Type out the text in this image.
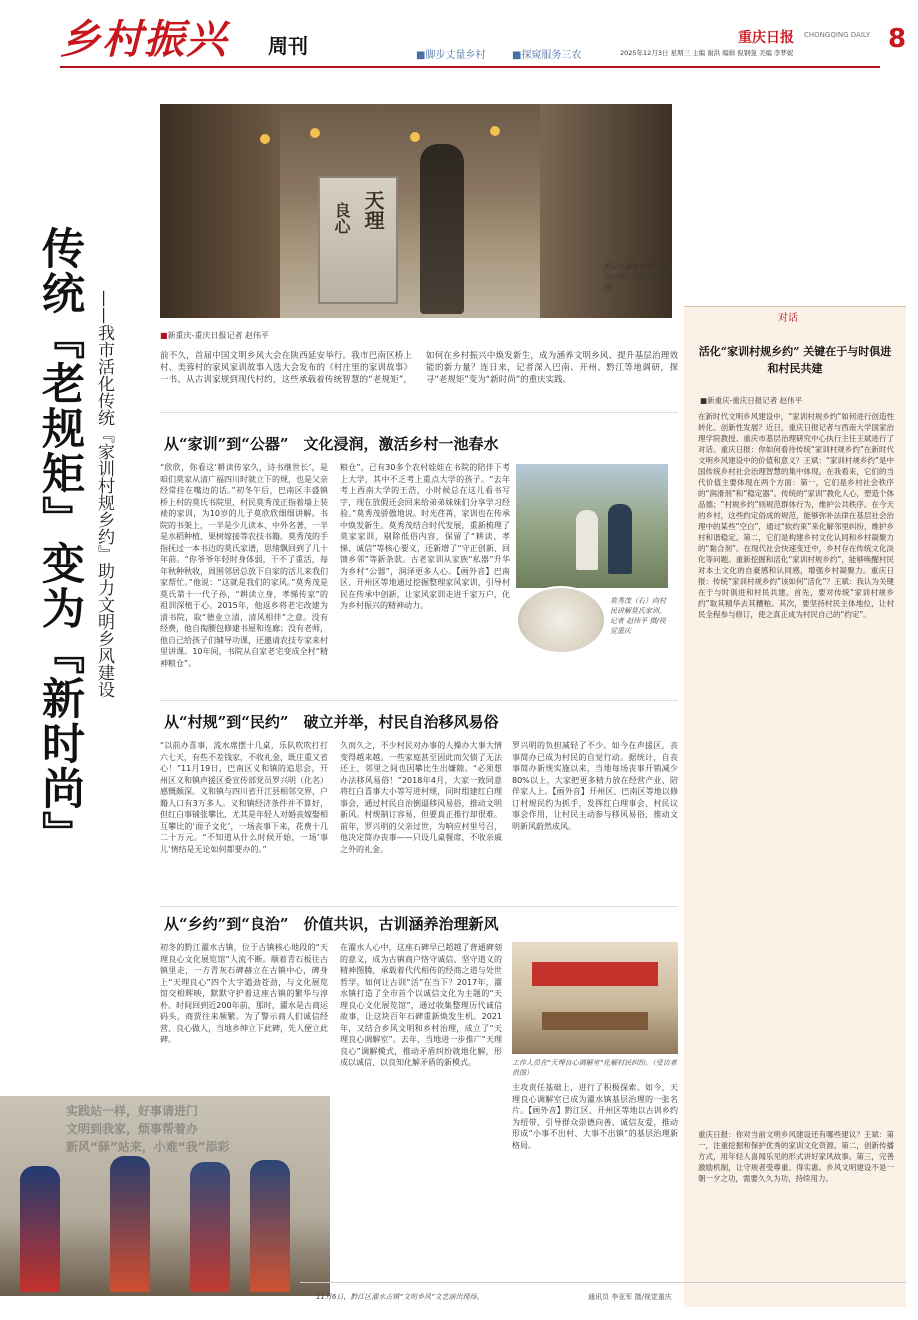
乡村振兴 周刊	■脚步丈量乡村	■探窥服务三农
重庆日报 CHONGQING DAILY
2025年12月3日 星期三 主编 谢洪 编辑 倪钢强 美编 李梦妮	8
传统『老规矩』变为『新时尚』 ——我市活化传统『家训村规乡约』助力文明乡风建设
天理
良心
黔江区濯水古镇天理良心碑。（受访者供图）
■新重庆-重庆日报记者 赵伟平
前不久，首届中国文明乡风大会在陕西延安举行。我市巴南区桥上村、美蓉村的家风家训故事入选大会发布的《村庄里的家训故事》一书。从古训家规到现代村约，这些承载着传统智慧的“老规矩”，如何在乡村振兴中焕发新生，成为涵养文明乡风、提升基层治理效能的新力量？连日来，记者深入巴南、开州、黔江等地调研，探寻“老规矩”变为“新时尚”的重庆实践。
从“家训”到“公器”　文化浸润，激活乡村一池春水
“欣欣，你看这‘耕读传家久，诗书继世长’，是咱们莫家从清广福四川时就立下的规，也是父亲经常挂在嘴边的话。”初冬午后，巴南区丰盛镇桥上村的莫氏书院里，村民莫秀茂正指着墙上装裱的家训，为10岁的儿子莫欣欣细细讲解。书院的书架上，一半是少儿读本、中外名著，一半是水稻种植、果树嫁接等农技书籍。莫秀茂的手指抚过一本书边的莫氏家谱，思绪飘回到了几十年前。“你爷爷年轻时身体弱，干不了重活，每年秋种秋收，周围邻居总放下自家的活儿来我们家帮忙。”他说：“这就是我们的家风。”莫秀茂是莫氏第十一代子孙，“耕读立身，孝悌传家”的祖训深植于心。2015年，他返乡将老宅改建为清书院，取“德业立清，清风相伴”之意。没有经费，他自掏腰包修建书屋和连廊；没有老师，他自己给孩子们辅导功课，还邀请农技专家来村里讲课。10年间，书院从自家老宅变成全村“精神粮仓”。
粮仓”，已有30多个农村娃娃在书院的陪伴下考上大学，其中不乏考上重点大学的孩子。“去年考上西南大学的王浩，小时候总在这儿看书写字，现在放假还会回来给弟弟妹妹们分享学习经验。”莫秀茂骄傲地说。时光荏苒，家训也在传承中焕发新生。莫秀茂结合时代发展，重新梳理了莫家家训，剔除低俗内容，保留了“耕读、孝悌、诚信”等核心要义，还新增了“守正创新、回馈乡邻”等新条款。古老家训从家族“私器”升华为乡村“公器”，润泽更多人心。【画外音】巴南区、开州区等地通过挖掘整理家风家训，引导村民在传承中创新，让家风家训走进千家万户，化为乡村振兴的精神动力。	莫秀茂（右）向村民讲解莫氏家训。记者 赵伟平 摄/视觉重庆
从“村规”到“民约”　破立并举，村民自治移风易俗
“以前办喜事，流水席摆十几桌，乐队吹吹打打六七天，有些不差钱家，不收礼金，既庄重又省心！”11月19日，巴南区义和镇的追思会，开州区义和镇声援区委宣传部党员罗兴明（化名）感慨颇深。义和镇与四川省开江县相邻交界，户籍人口有3万多人。义和镇经济条件并不算好，但红白事铺张攀比，尤其是年轻人对婚丧嫁娶相互攀比的‘面子文化’，一场丧事下来，花费十几二十万元。“不知道从什么时候开始，一场‘事儿’情结是无论如何都要办的。”
久而久之，不少村民对办事的人操办大事大情变得越来越。一些家庭甚至因此而欠债了无法还上，邻里之间也因攀比生出嫌隙。“必须想办法移风易俗！”2018年4月，大家一致同意将红白喜事大小等写进村规，同时组建红白理事会，通过村民自治倒逼移风易俗，推动文明新风。村规制订容易，但要真正推行却很难。前年，罗兴明的父亲过世，为响应村里号召，他决定简办丧事——只设几桌餐席，不收亲戚之外的礼金。
罗兴明的负担减轻了不少。如今在声援区，丧事简办已成为村民的自觉行动。据统计，自丧事简办新规实施以来，当地每场丧事开销减少80%以上，大家把更多精力放在经营产业、陪伴家人上。【画外音】开州区、巴南区等地以修订村规民约为抓手，发挥红白理事会、村民议事会作用，让村民主动参与移风易俗，推动文明新风蔚然成风。
从“乡约”到“良治”　价值共识，古训涵养治理新风
初冬的黔江濯水古镇，位于古镇核心地段的“天理良心文化展览馆”人流不断。顺着青石板往古镇里走，一方青灰石碑赫立在古镇中心，碑身上“天理良心”四个大字遒劲苍劲，与文化展览馆交相辉映，默默守护着这座古镇的繁华与淳朴。时间回到近200年前，那时，濯水是古商运码头，商贾往来频繁。为了警示商人们诚信经营、良心做人，当地乡绅立下此碑，先人便立此碑。
在濯水人心中，这座石碑早已超越了普通碑刻的意义，成为古镇商户恪守诚信、坚守道义的精神图腾，承载着代代相传的经商之道与处世哲学。如何让古训“活”在当下？2017年，濯水镇打造了全市首个以诚信文化为主题的“天理良心文化展览馆”，通过收集整理历代诚信故事，让这块百年石碑重新焕发生机。2021年，又结合乡风文明和乡村治理，成立了“天理良心调解室”。去年，当地进一步推广“天理良心”调解模式，推动矛盾纠纷就地化解，形成以诚信、以良知化解矛盾的新模式。	工作人员在“天理良心调解室”化解村民纠纷。（受访者供图）
主攻责任基础上，进行了积极探索。如今，天理良心调解室已成为濯水镇基层治理的一张名片。【画外音】黔江区、开州区等地以古训乡约为纽带，引导群众崇德向善、诚信友爱，推动形成“小事不出村、大事不出镇”的基层治理新格局。
实践站一样，好事请进门
文明到我家，烦事帮着办
新风“驿”站来，小难“我”添彩
对话
活化“家训村规乡约” 关键在于与时俱进和村民共建
■新重庆-重庆日报记者 赵伟平
在新时代文明乡风建设中，“家训村规乡约”如何进行创造性转化、创新性发展？近日，重庆日报记者与西南大学国家治理学院教授、重庆市基层治理研究中心执行主任王斌进行了对话。重庆日报：你如何看待传统“家训村规乡约”在新时代文明乡风建设中的价值和意义？王斌：“家训村规乡约”是中国传统乡村社会治理智慧的集中体现。在我看来，它们的当代价值主要体现在两个方面：第一，它们是乡村社会秩序的“润滑剂”和“稳定器”。传统的“家训”教化人心，塑造个体品德；“村规乡约”则规范群体行为，维护公共秩序。在今天的乡村，这些约定俗成的规范，能够弥补法律在基层社会治理中的某些“空白”，通过“软约束”来化解邻里纠纷，维护乡村和谐稳定。第二，它们是构建乡村文化认同和乡村凝聚力的“黏合剂”。在现代社会快速变迁中，乡村存在传统文化淡化等问题。重新挖掘和活化“家训村规乡约”，能够唤醒村民对本土文化的自豪感和认同感，增强乡村凝聚力。重庆日报：传统“家训村规乡约”该如何“活化”？王斌：我认为关键在于与时俱进和村民共建。首先，要对传统“家训村规乡约”取其精华去其糟粕。其次，要坚持村民主体地位，让村民全程参与修订，使之真正成为村民自己的“约定”。
重庆日报：你对当前文明乡风建设还有哪些建议？王斌：第一，注重挖掘和保护优秀的家训文化资源。第二，创新传播方式，用年轻人喜闻乐见的形式讲好家风故事。第三，完善激励机制，让守规者受尊重、得实惠。乡风文明建设不是一朝一夕之功，需要久久为功，持续用力。
11月6日，黔江区濯水古镇“文明乡风”文艺演出现场。	通讯员 李亚军 摄/视觉重庆
